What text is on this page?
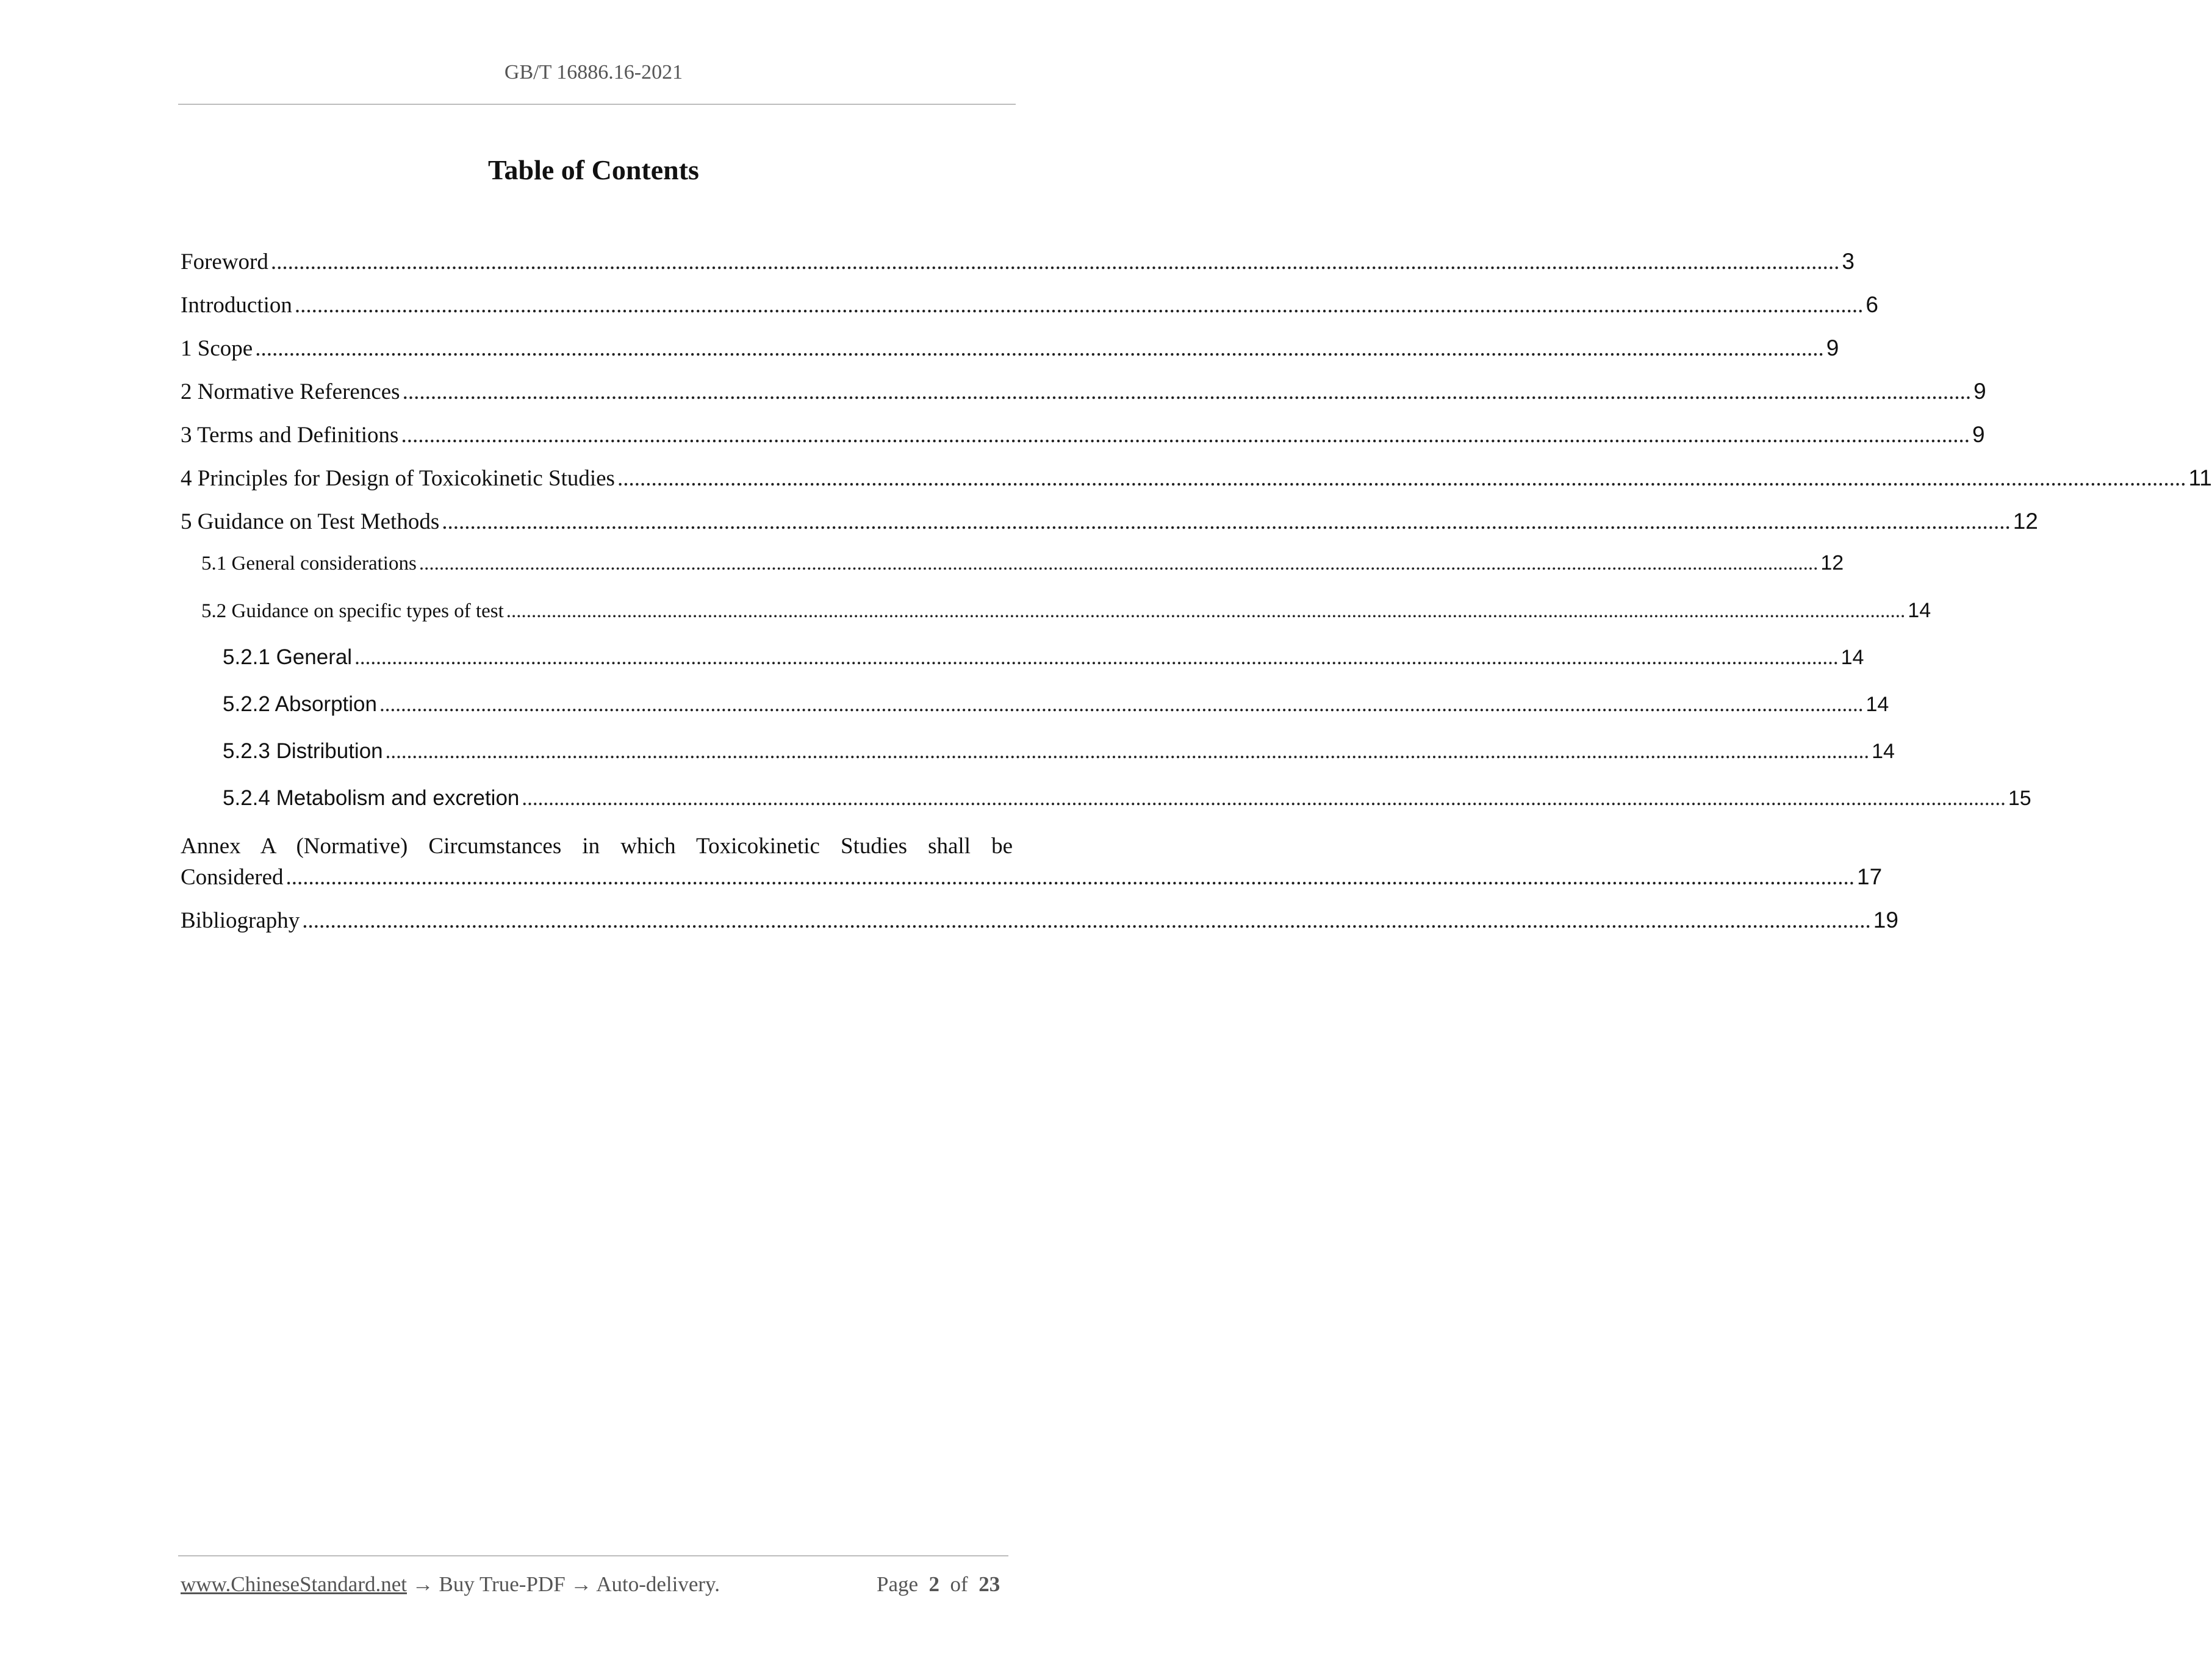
GB/T 16886.16-2021
Table of Contents
Foreword ...................................................................................................................................................................................................................................................................................... 3
Introduction ...................................................................................................................................................................................................................................................................................... 6
1 Scope ...................................................................................................................................................................................................................................................................................... 9
2 Normative References ...................................................................................................................................................................................................................................................................................... 9
3 Terms and Definitions ...................................................................................................................................................................................................................................................................................... 9
4 Principles for Design of Toxicokinetic Studies ...................................................................................................................................................................................................................................................................................... 11
5 Guidance on Test Methods ...................................................................................................................................................................................................................................................................................... 12
5.1 General considerations ...................................................................................................................................................................................................................................................................................... 12
5.2 Guidance on specific types of test ...................................................................................................................................................................................................................................................................................... 14
5.2.1 General ...................................................................................................................................................................................................................................................................................... 14
5.2.2 Absorption ...................................................................................................................................................................................................................................................................................... 14
5.2.3 Distribution ...................................................................................................................................................................................................................................................................................... 14
5.2.4 Metabolism and excretion ...................................................................................................................................................................................................................................................................................... 15
Annex A (Normative) Circumstances in which Toxicokinetic Studies shall be
Considered ...................................................................................................................................................................................................................................................................................... 17
Bibliography ...................................................................................................................................................................................................................................................................................... 19
www.ChineseStandard.net → Buy True-PDF → Auto-delivery.	Page 2 of 23
